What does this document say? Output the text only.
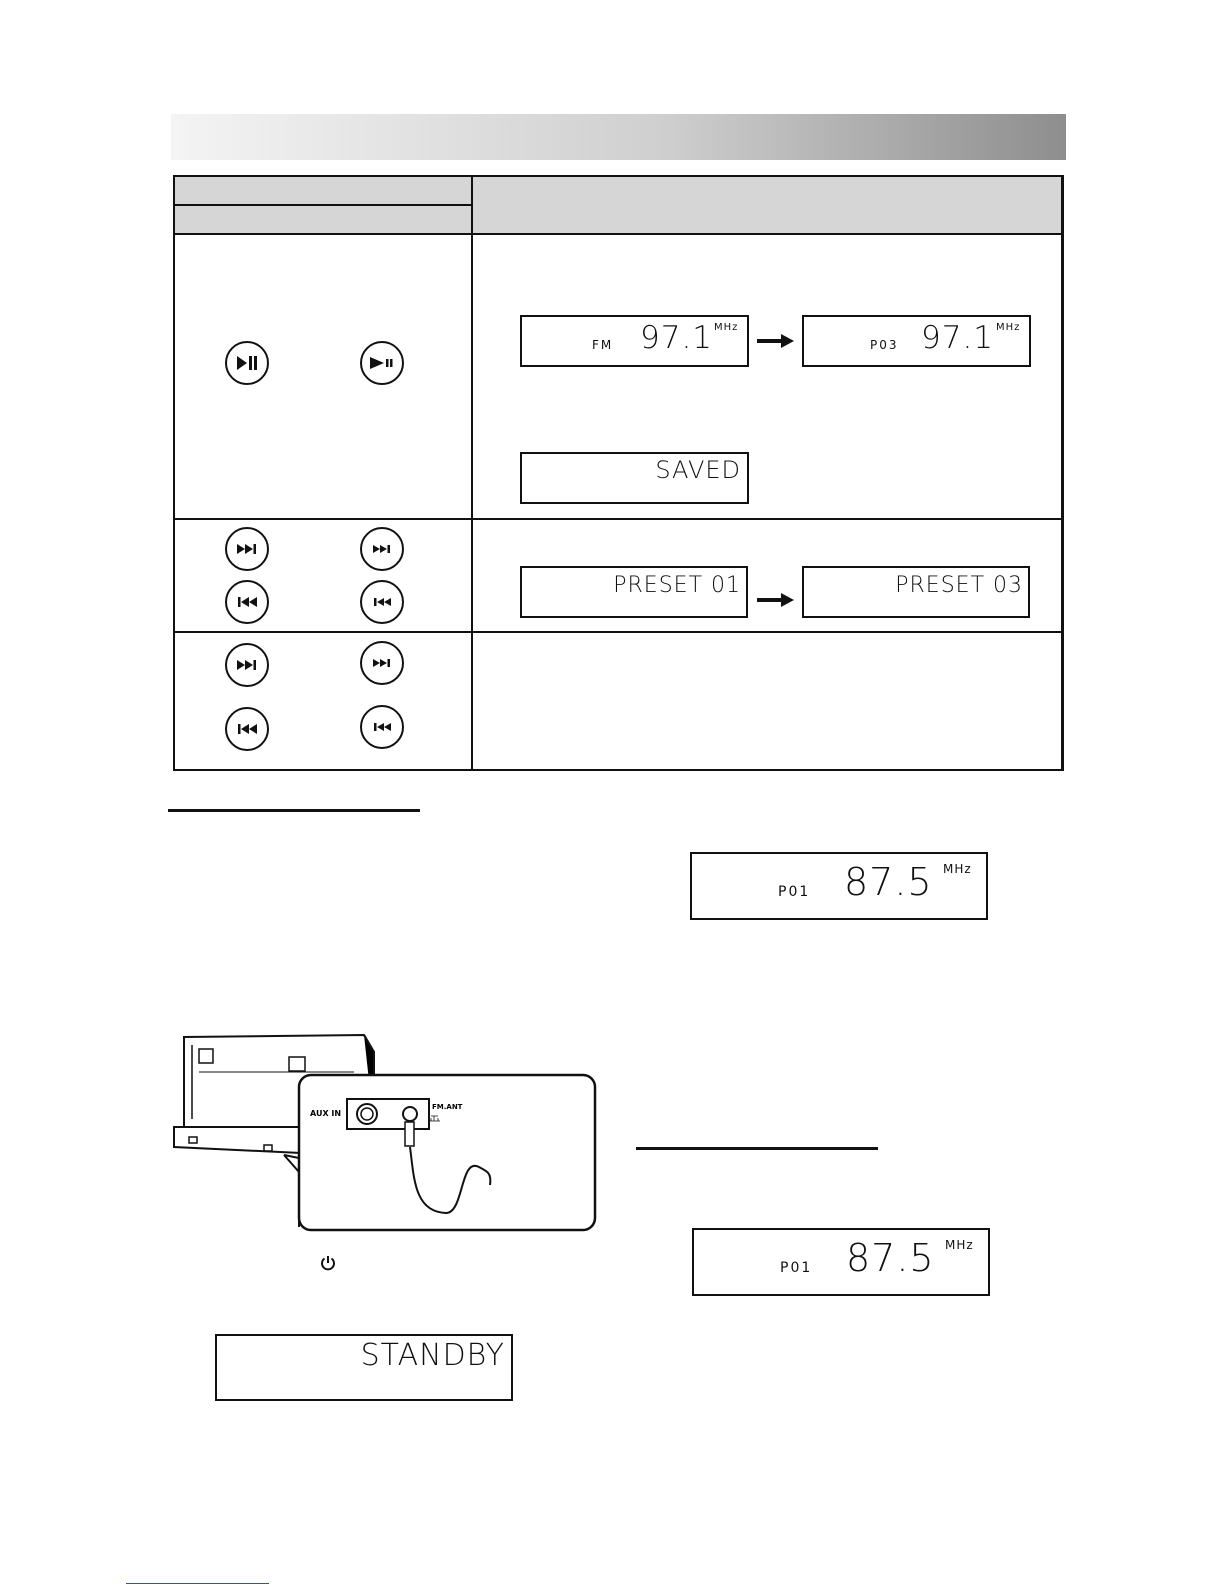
FM 97.1 MHz
P03 97.1 MHz
SAVED
PRESET 01	PRESET 03
P01 87.5 MHz
AUX IN
FM.ANT
STANDBY
P01 87.5 MHz
